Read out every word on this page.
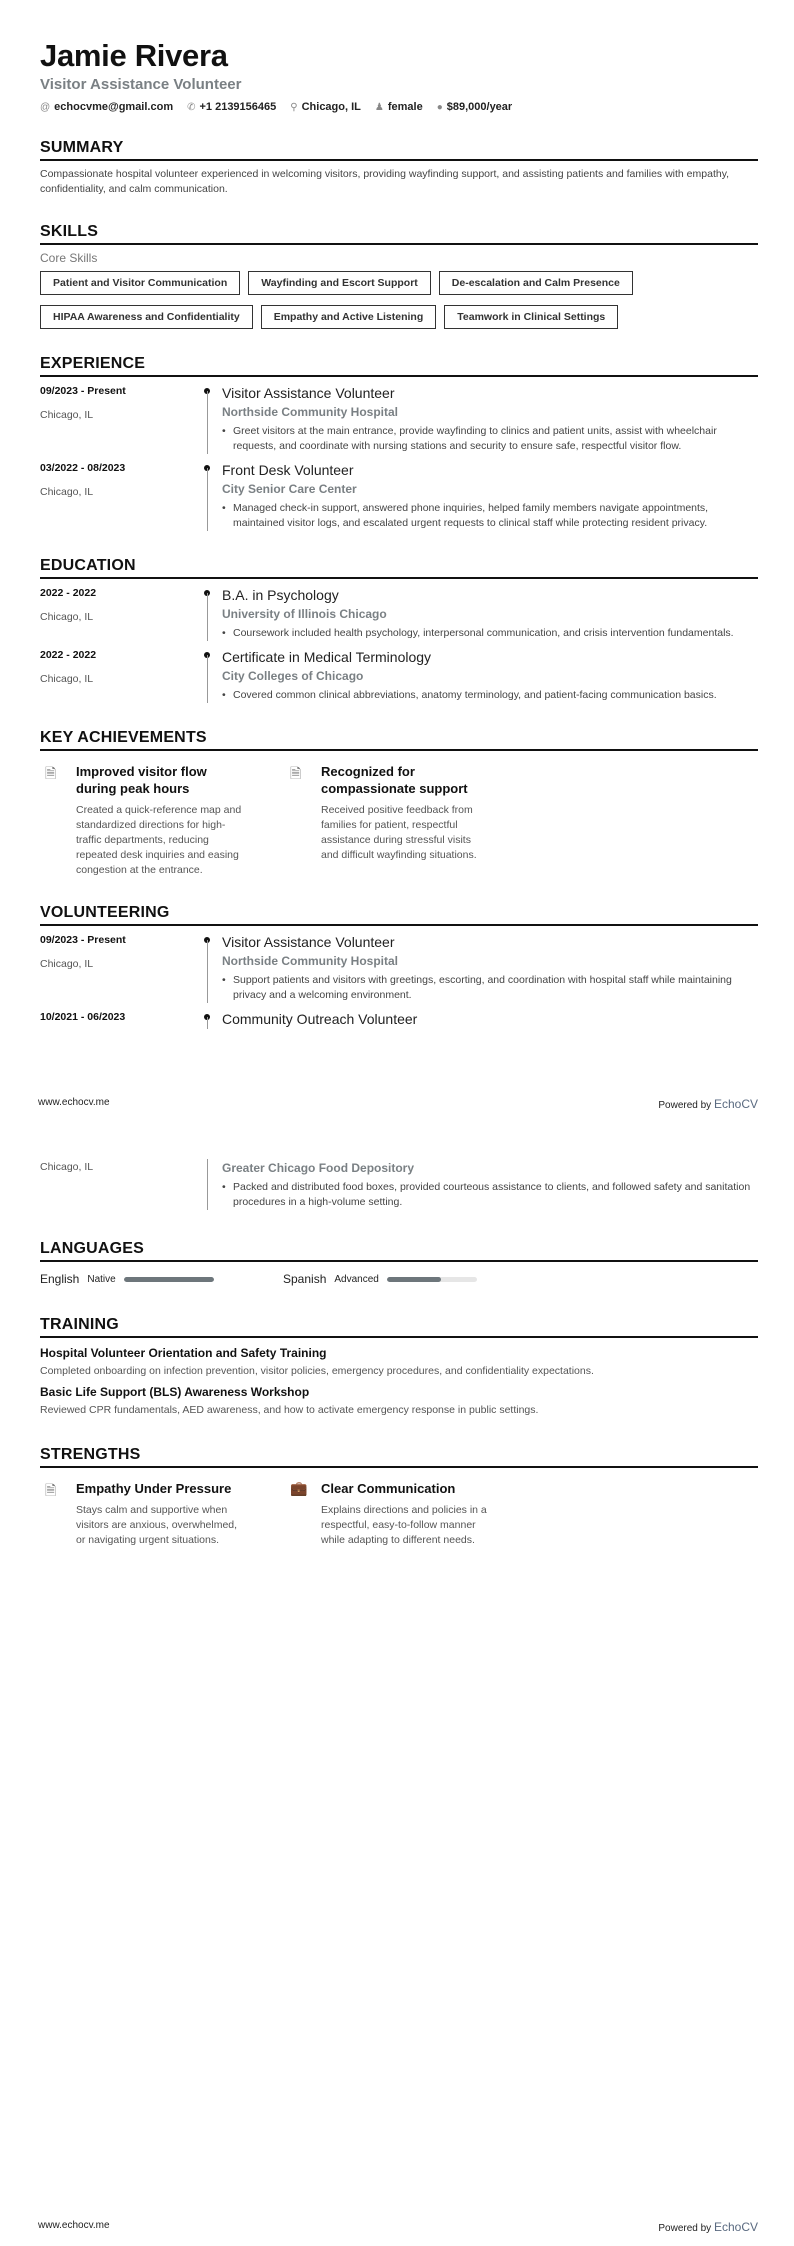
Jamie Rivera
Visitor Assistance Volunteer
@ echocvme@gmail.com ✆ +1 2139156465 ⚲ Chicago, IL ♟ female ● $89,000/year
SUMMARY
Compassionate hospital volunteer experienced in welcoming visitors, providing wayfinding support, and assisting patients and families with empathy, confidentiality, and calm communication.
SKILLS
Core Skills
Patient and Visitor Communication	Wayfinding and Escort Support	De-escalation and Calm Presence
HIPAA Awareness and Confidentiality	Empathy and Active Listening	Teamwork in Clinical Settings
EXPERIENCE
09/2023 - Present
Chicago, IL
Visitor Assistance Volunteer
Northside Community Hospital
• Greet visitors at the main entrance, provide wayfinding to clinics and patient units, assist with wheelchair requests, and coordinate with nursing stations and security to ensure safe, respectful visitor flow.
03/2022 - 08/2023
Chicago, IL
Front Desk Volunteer
City Senior Care Center
• Managed check-in support, answered phone inquiries, helped family members navigate appointments, maintained visitor logs, and escalated urgent requests to clinical staff while protecting resident privacy.
EDUCATION
2022 - 2022
Chicago, IL
B.A. in Psychology
University of Illinois Chicago
• Coursework included health psychology, interpersonal communication, and crisis intervention fundamentals.
2022 - 2022
Chicago, IL
Certificate in Medical Terminology
City Colleges of Chicago
• Covered common clinical abbreviations, anatomy terminology, and patient-facing communication basics.
KEY ACHIEVEMENTS
🗎	Improved visitor flow during peak hours
Created a quick-reference map and standardized directions for high-traffic departments, reducing repeated desk inquiries and easing congestion at the entrance.
🗎	Recognized for compassionate support
Received positive feedback from families for patient, respectful assistance during stressful visits and difficult wayfinding situations.
VOLUNTEERING
09/2023 - Present
Chicago, IL
Visitor Assistance Volunteer
Northside Community Hospital
• Support patients and visitors with greetings, escorting, and coordination with hospital staff while maintaining privacy and a welcoming environment.
10/2021 - 06/2023	Community Outreach Volunteer
www.echocv.me	Powered by EchoCV
Chicago, IL	Greater Chicago Food Depository
• Packed and distributed food boxes, provided courteous assistance to clients, and followed safety and sanitation procedures in a high-volume setting.
LANGUAGES
English Native	Spanish Advanced
TRAINING
Hospital Volunteer Orientation and Safety Training
Completed onboarding on infection prevention, visitor policies, emergency procedures, and confidentiality expectations.
Basic Life Support (BLS) Awareness Workshop
Reviewed CPR fundamentals, AED awareness, and how to activate emergency response in public settings.
STRENGTHS
🗎	Empathy Under Pressure
Stays calm and supportive when visitors are anxious, overwhelmed, or navigating urgent situations.
💼	Clear Communication
Explains directions and policies in a respectful, easy-to-follow manner while adapting to different needs.
www.echocv.me	Powered by EchoCV
